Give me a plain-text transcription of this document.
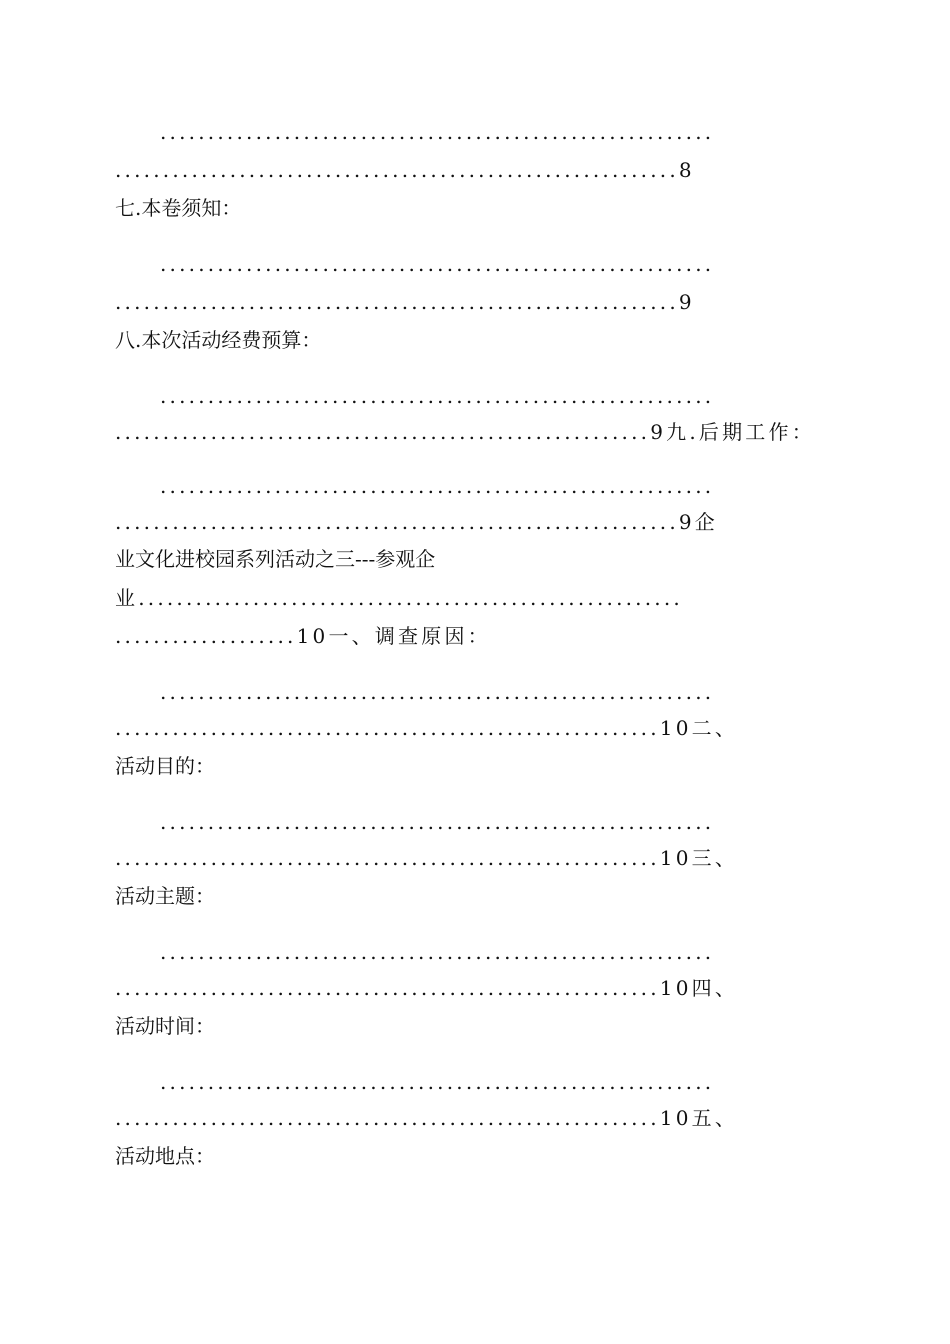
..........................................................
...........................................................8
七.本卷须知：
..........................................................
...........................................................9
八.本次活动经费预算：
..........................................................
........................................................9九.后期工作：
..........................................................
...........................................................9企
业文化进校园系列活动之三---参观企
业.........................................................
...................10一、调查原因：
..........................................................
.........................................................10二、
活动目的：
..........................................................
.........................................................10三、
活动主题：
..........................................................
.........................................................10四、
活动时间：
..........................................................
.........................................................10五、
活动地点：
